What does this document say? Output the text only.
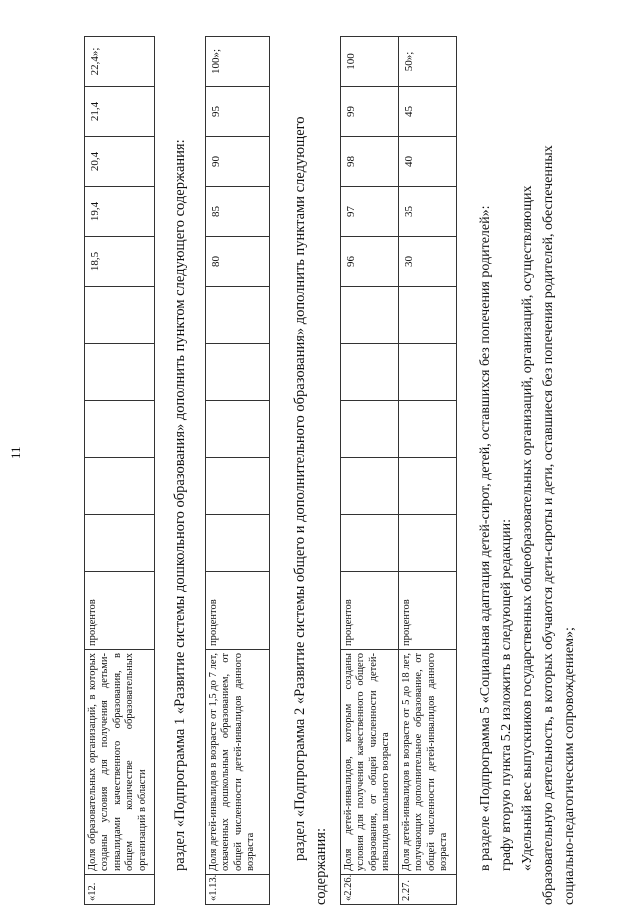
11
«12.	Доля образовательных организаций, в которых созданы условия для получения детьми-инвалидами качественного образования, в общем количестве образовательных организаций в области	процентов						18,5	19,4	20,4	21,4	22,4»;
раздел «Подпрограмма 1 «Развитие системы дошкольного образования» дополнить пунктом следующего содержания:
«1.13.	Доля детей-инвалидов в возрасте от 1,5 до 7 лет, охваченных дошкольным образованием, от общей численности детей-инвалидов данного возраста	процентов						80	85	90	95	100»;
раздел «Подпрограмма 2 «Развитие системы общего и дополнительного образования» дополнить пунктами следующего
содержания: «2.26.	Доля детей-инвалидов, которым созданы условия для получения качественного общего образования, от общей численности детей-инвалидов школьного возраста	процентов						96	97	98	99	100
2.27.	Доля детей-инвалидов в возрасте от 5 до 18 лет, получающих дополнительное образование, от общей численности детей-инвалидов данного возраста	процентов						30	35	40	45	50»;
в разделе «Подпрограмма 5 «Социальная адаптация детей-сирот, детей, оставшихся без попечения родителей»: графу вторую пункта 5.2 изложить в следующей редакции: «Удельный вес выпускников государственных общеобразовательных организаций, организаций, осуществляющих образовательную деятельность, в которых обучаются дети-сироты и дети, оставшиеся без попечения родителей, обеспеченных социально-педагогическим сопровождением»;
